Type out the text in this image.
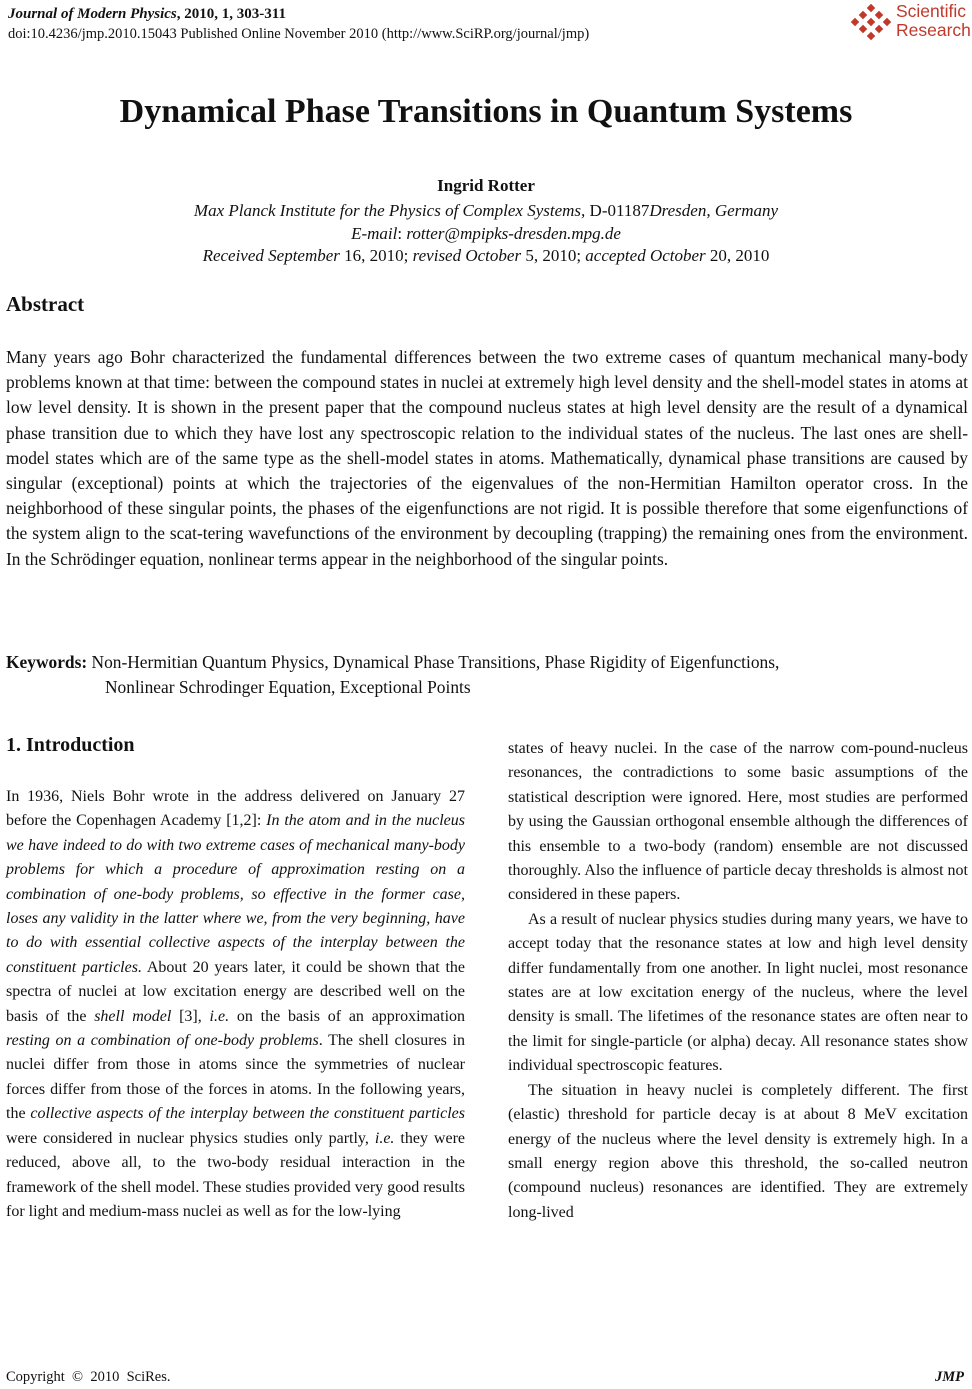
Journal of Modern Physics, 2010, 1, 303-311
doi:10.4236/jmp.2010.15043 Published Online November 2010 (http://www.SciRP.org/journal/jmp)
Scientific
Research
Dynamical Phase Transitions in Quantum Systems
Ingrid Rotter
Max Planck Institute for the Physics of Complex Systems, D-01187Dresden, Germany
E-mail: rotter@mpipks-dresden.mpg.de
Received September 16, 2010; revised October 5, 2010; accepted October 20, 2010
Abstract
Many years ago Bohr characterized the fundamental differences between the two extreme cases of quantum mechanical many-body problems known at that time: between the compound states in nuclei at extremely high level density and the shell-model states in atoms at low level density. It is shown in the present paper that the compound nucleus states at high level density are the result of a dynamical phase transition due to which they have lost any spectroscopic relation to the individual states of the nucleus. The last ones are shell-model states which are of the same type as the shell-model states in atoms. Mathematically, dynamical phase transitions are caused by singular (exceptional) points at which the trajectories of the eigenvalues of the non-Hermitian Hamilton operator cross. In the neighborhood of these singular points, the phases of the eigenfunctions are not rigid. It is possible therefore that some eigenfunctions of the system align to the scat-tering wavefunctions of the environment by decoupling (trapping) the remaining ones from the environment. In the Schrödinger equation, nonlinear terms appear in the neighborhood of the singular points.
Keywords: Non-Hermitian Quantum Physics, Dynamical Phase Transitions, Phase Rigidity of Eigenfunctions,
Nonlinear Schrodinger Equation, Exceptional Points
1. Introduction

In 1936, Niels Bohr wrote in the address delivered on January 27 before the Copenhagen Academy [1,2]: In the atom and in the nucleus we have indeed to do with two extreme cases of mechanical many-body problems for which a procedure of approximation resting on a combination of one-body problems, so effective in the former case, loses any validity in the latter where we, from the very beginning, have to do with essential collective aspects of the interplay between the constituent particles. About 20 years later, it could be shown that the spectra of nuclei at low excitation energy are described well on the basis of the shell model [3], i.e. on the basis of an approximation resting on a combination of one-body problems. The shell closures in nuclei differ from those in atoms since the symmetries of nuclear forces differ from those of the forces in atoms. In the following years, the collective aspects of the interplay between the constituent particles were considered in nuclear physics studies only partly, i.e. they were reduced, above all, to the two-body residual interaction in the framework of the shell model. These studies provided very good results for light and medium-mass nuclei as well as for the low-lying

states of heavy nuclei. In the case of the narrow com-pound-nucleus resonances, the contradictions to some basic assumptions of the statistical description were ignored. Here, most studies are performed by using the Gaussian orthogonal ensemble although the differences of this ensemble to a two-body (random) ensemble are not discussed thoroughly. Also the influence of particle decay thresholds is almost not considered in these papers.

As a result of nuclear physics studies during many years, we have to accept today that the resonance states at low and high level density differ fundamentally from one another. In light nuclei, most resonance states are at low excitation energy of the nucleus, where the level density is small. The lifetimes of the resonance states are often near to the limit for single-particle (or alpha) decay. All resonance states show individual spectroscopic features.

The situation in heavy nuclei is completely different. The first (elastic) threshold for particle decay is at about 8 MeV excitation energy of the nucleus where the level density is extremely high. In a small energy region above this threshold, the so-called neutron (compound nucleus) resonances are identified. They are extremely long-lived

Copyright  ©  2010  SciRes.	JMP
